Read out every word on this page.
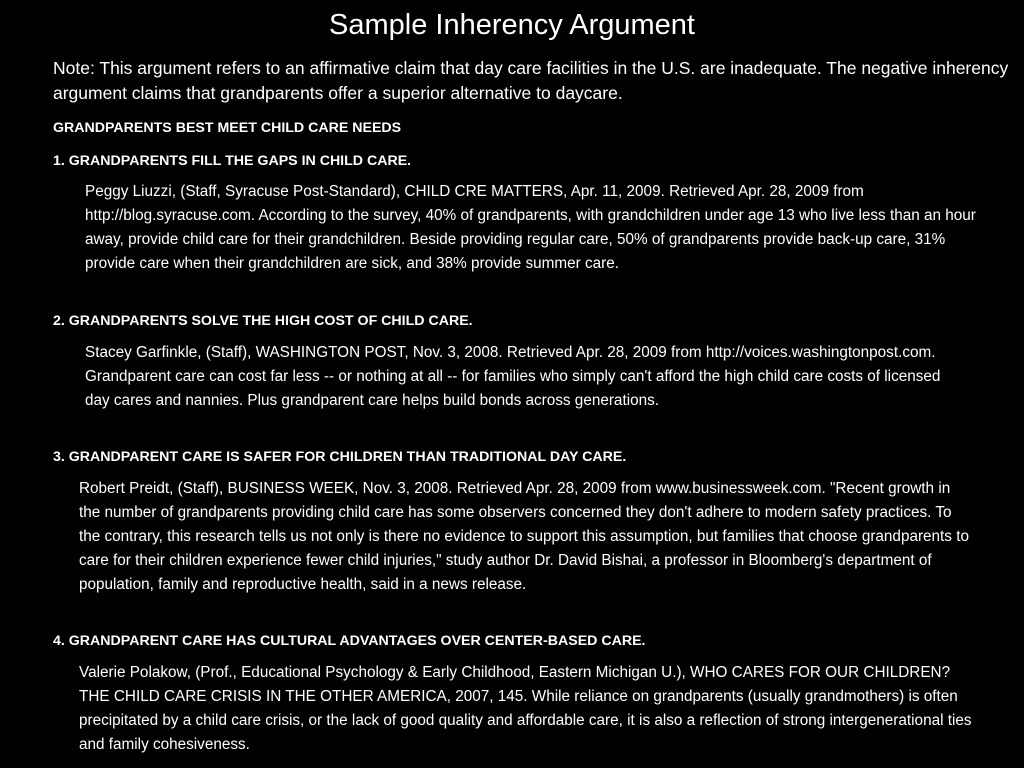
Sample Inherency Argument

Note: This argument refers to an affirmative claim that day care facilities in the U.S. are inadequate. The negative inherency argument claims that grandparents offer a superior alternative to daycare.

GRANDPARENTS BEST MEET CHILD CARE NEEDS

1. GRANDPARENTS FILL THE GAPS IN CHILD CARE.

Peggy Liuzzi, (Staff, Syracuse Post-Standard), CHILD CRE MATTERS, Apr. 11, 2009. Retrieved Apr. 28, 2009 from http://blog.syracuse.com. According to the survey, 40% of grandparents, with grandchildren under age 13 who live less than an hour away, provide child care for their grandchildren. Beside providing regular care, 50% of grandparents provide back-up care, 31% provide care when their grandchildren are sick, and 38% provide summer care.

2. GRANDPARENTS SOLVE THE HIGH COST OF CHILD CARE.

Stacey Garfinkle, (Staff), WASHINGTON POST, Nov. 3, 2008. Retrieved Apr. 28, 2009 from http://voices.washingtonpost.com. Grandparent care can cost far less -- or nothing at all -- for families who simply can't afford the high child care costs of licensed day cares and nannies. Plus grandparent care helps build bonds across generations.

3. GRANDPARENT CARE IS SAFER FOR CHILDREN THAN TRADITIONAL DAY CARE.

Robert Preidt, (Staff), BUSINESS WEEK, Nov. 3, 2008. Retrieved Apr. 28, 2009 from www.businessweek.com. "Recent growth in the number of grandparents providing child care has some observers concerned they don't adhere to modern safety practices. To the contrary, this research tells us not only is there no evidence to support this assumption, but families that choose grandparents to care for their children experience fewer child injuries," study author Dr. David Bishai, a professor in Bloomberg's department of population, family and reproductive health, said in a news release.

4. GRANDPARENT CARE HAS CULTURAL ADVANTAGES OVER CENTER-BASED CARE.

Valerie Polakow, (Prof., Educational Psychology & Early Childhood, Eastern Michigan U.), WHO CARES FOR OUR CHILDREN? THE CHILD CARE CRISIS IN THE OTHER AMERICA, 2007, 145. While reliance on grandparents (usually grandmothers) is often precipitated by a child care crisis, or the lack of good quality and affordable care, it is also a reflection of strong intergenerational ties and family cohesiveness.
